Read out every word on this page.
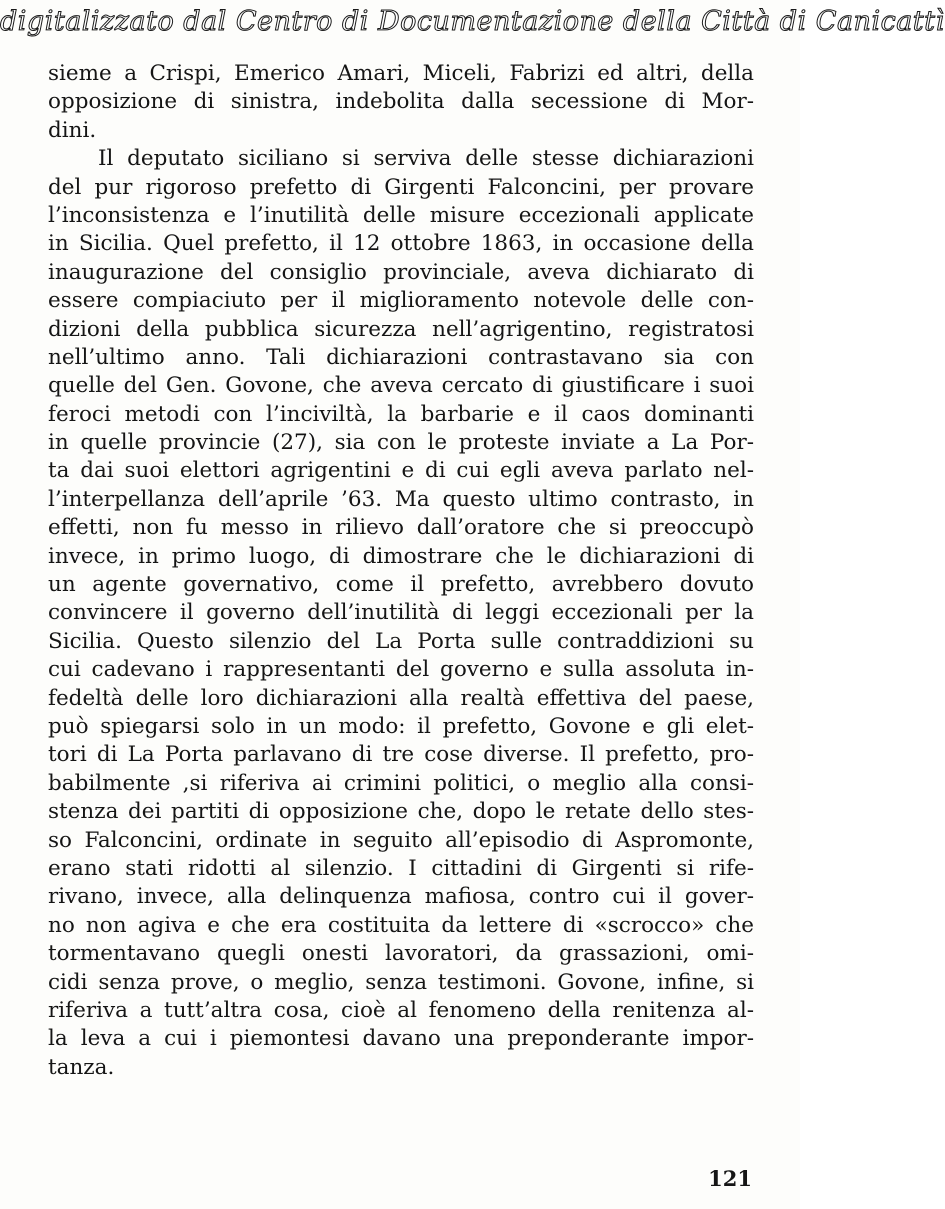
digitalizzato dal Centro di Documentazione della Città di Canicattì
sieme a Crispi, Emerico Amari, Miceli, Fabrizi ed altri, della
opposizione di sinistra, indebolita dalla secessione di Mor-
dini.
Il deputato siciliano si serviva delle stesse dichiarazioni
del pur rigoroso prefetto di Girgenti Falconcini, per provare
l’inconsistenza e l’inutilità delle misure eccezionali applicate
in Sicilia. Quel prefetto, il 12 ottobre 1863, in occasione della
inaugurazione del consiglio provinciale, aveva dichiarato di
essere compiaciuto per il miglioramento notevole delle con-
dizioni della pubblica sicurezza nell’agrigentino, registratosi
nell’ultimo anno. Tali dichiarazioni contrastavano sia con
quelle del Gen. Govone, che aveva cercato di giustificare i suoi
feroci metodi con l’inciviltà, la barbarie e il caos dominanti
in quelle provincie (27), sia con le proteste inviate a La Por-
ta dai suoi elettori agrigentini e di cui egli aveva parlato nel-
l’interpellanza dell’aprile ’63. Ma questo ultimo contrasto, in
effetti, non fu messo in rilievo dall’oratore che si preoccupò
invece, in primo luogo, di dimostrare che le dichiarazioni di
un agente governativo, come il prefetto, avrebbero dovuto
convincere il governo dell’inutilità di leggi eccezionali per la
Sicilia. Questo silenzio del La Porta sulle contraddizioni su
cui cadevano i rappresentanti del governo e sulla assoluta in-
fedeltà delle loro dichiarazioni alla realtà effettiva del paese,
può spiegarsi solo in un modo: il prefetto, Govone e gli elet-
tori di La Porta parlavano di tre cose diverse. Il prefetto, pro-
babilmente ,si riferiva ai crimini politici, o meglio alla consi-
stenza dei partiti di opposizione che, dopo le retate dello stes-
so Falconcini, ordinate in seguito all’episodio di Aspromonte,
erano stati ridotti al silenzio. I cittadini di Girgenti si rife-
rivano, invece, alla delinquenza mafiosa, contro cui il gover-
no non agiva e che era costituita da lettere di «scrocco» che
tormentavano quegli onesti lavoratori, da grassazioni, omi-
cidi senza prove, o meglio, senza testimoni. Govone, infine, si
riferiva a tutt’altra cosa, cioè al fenomeno della renitenza al-
la leva a cui i piemontesi davano una preponderante impor-
tanza.
121
